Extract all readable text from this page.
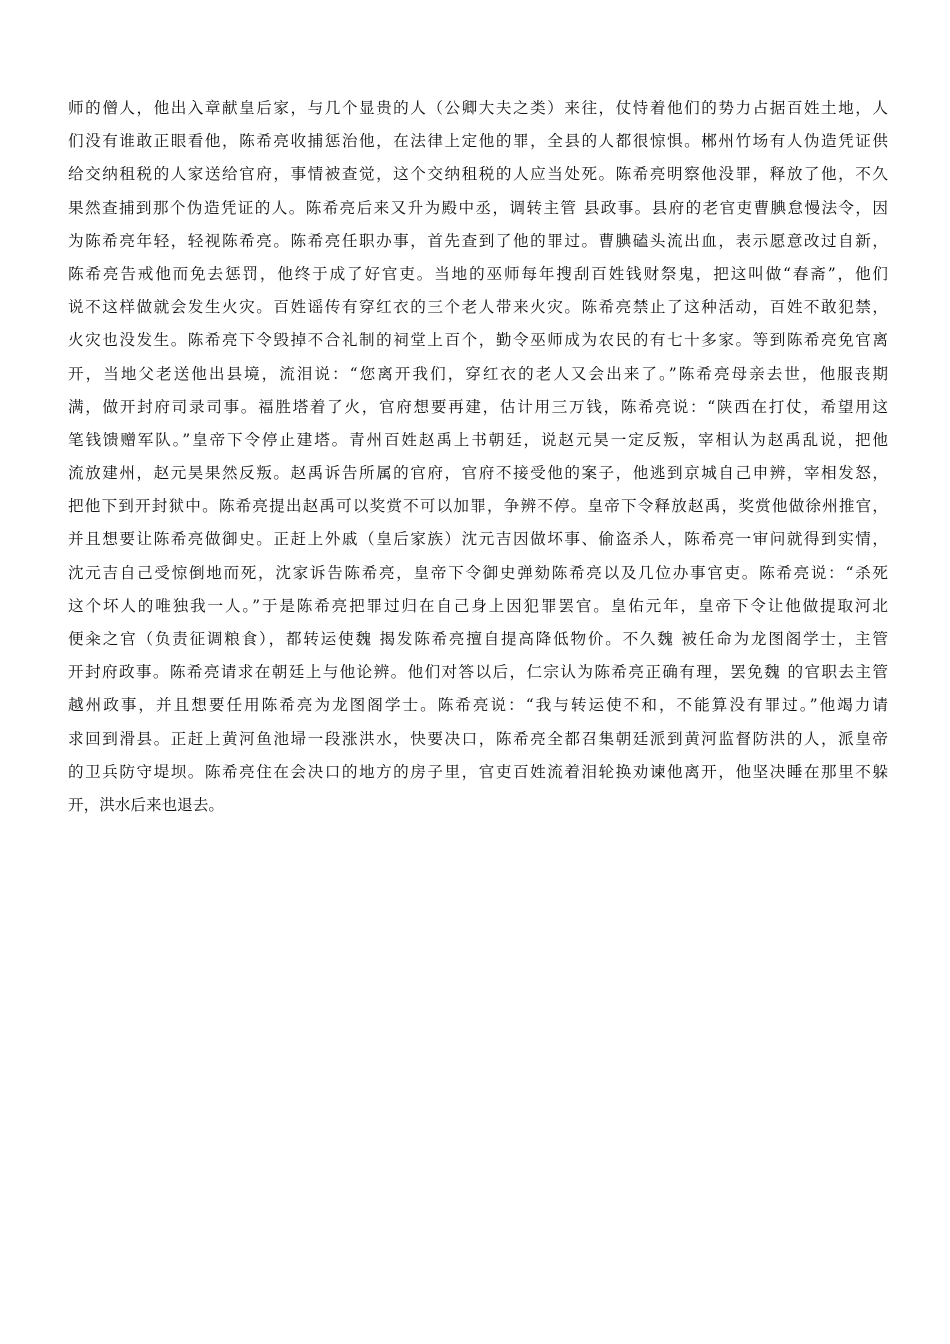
师的僧人，他出入章献皇后家，与几个显贵的人（公卿大夫之类）来往，仗恃着他们的势力占据百姓土地，人
们没有谁敢正眼看他，陈希亮收捕惩治他，在法律上定他的罪，全县的人都很惊惧。郴州竹场有人伪造凭证供
给交纳租税的人家送给官府，事情被查觉，这个交纳租税的人应当处死。陈希亮明察他没罪，释放了他，不久
果然查捕到那个伪造凭证的人。陈希亮后来又升为殿中丞，调转主管 县政事。县府的老官吏曹腆怠慢法令，因
为陈希亮年轻，轻视陈希亮。陈希亮任职办事，首先查到了他的罪过。曹腆磕头流出血，表示愿意改过自新，
陈希亮告戒他而免去惩罚，他终于成了好官吏。当地的巫师每年搜刮百姓钱财祭鬼，把这叫做“春斋”，他们
说不这样做就会发生火灾。百姓谣传有穿红衣的三个老人带来火灾。陈希亮禁止了这种活动，百姓不敢犯禁，
火灾也没发生。陈希亮下令毁掉不合礼制的祠堂上百个，勤令巫师成为农民的有七十多家。等到陈希亮免官离
开，当地父老送他出县境，流泪说：“您离开我们，穿红衣的老人又会出来了。”陈希亮母亲去世，他服丧期
满，做开封府司录司事。福胜塔着了火，官府想要再建，估计用三万钱，陈希亮说：“陕西在打仗，希望用这
笔钱馈赠军队。”皇帝下令停止建塔。青州百姓赵禹上书朝廷，说赵元昊一定反叛，宰相认为赵禹乱说，把他
流放建州，赵元昊果然反叛。赵禹诉告所属的官府，官府不接受他的案子，他逃到京城自己申辨，宰相发怒，
把他下到开封狱中。陈希亮提出赵禹可以奖赏不可以加罪，争辨不停。皇帝下令释放赵禹，奖赏他做徐州推官，
并且想要让陈希亮做御史。正赶上外戚（皇后家族）沈元吉因做坏事、偷盗杀人，陈希亮一审问就得到实情，
沈元吉自己受惊倒地而死，沈家诉告陈希亮，皇帝下令御史弹劾陈希亮以及几位办事官吏。陈希亮说：“杀死
这个坏人的唯独我一人。”于是陈希亮把罪过归在自己身上因犯罪罢官。皇佑元年，皇帝下令让他做提取河北
便籴之官（负责征调粮食），都转运使魏 揭发陈希亮擅自提高降低物价。不久魏 被任命为龙图阁学士，主管
开封府政事。陈希亮请求在朝廷上与他论辨。他们对答以后，仁宗认为陈希亮正确有理，罢免魏 的官职去主管
越州政事，并且想要任用陈希亮为龙图阁学士。陈希亮说：“我与转运使不和，不能算没有罪过。”他竭力请
求回到滑县。正赶上黄河鱼池埽一段涨洪水，快要决口，陈希亮全都召集朝廷派到黄河监督防洪的人，派皇帝
的卫兵防守堤坝。陈希亮住在会决口的地方的房子里，官吏百姓流着泪轮换劝谏他离开，他坚决睡在那里不躲
开，洪水后来也退去。
